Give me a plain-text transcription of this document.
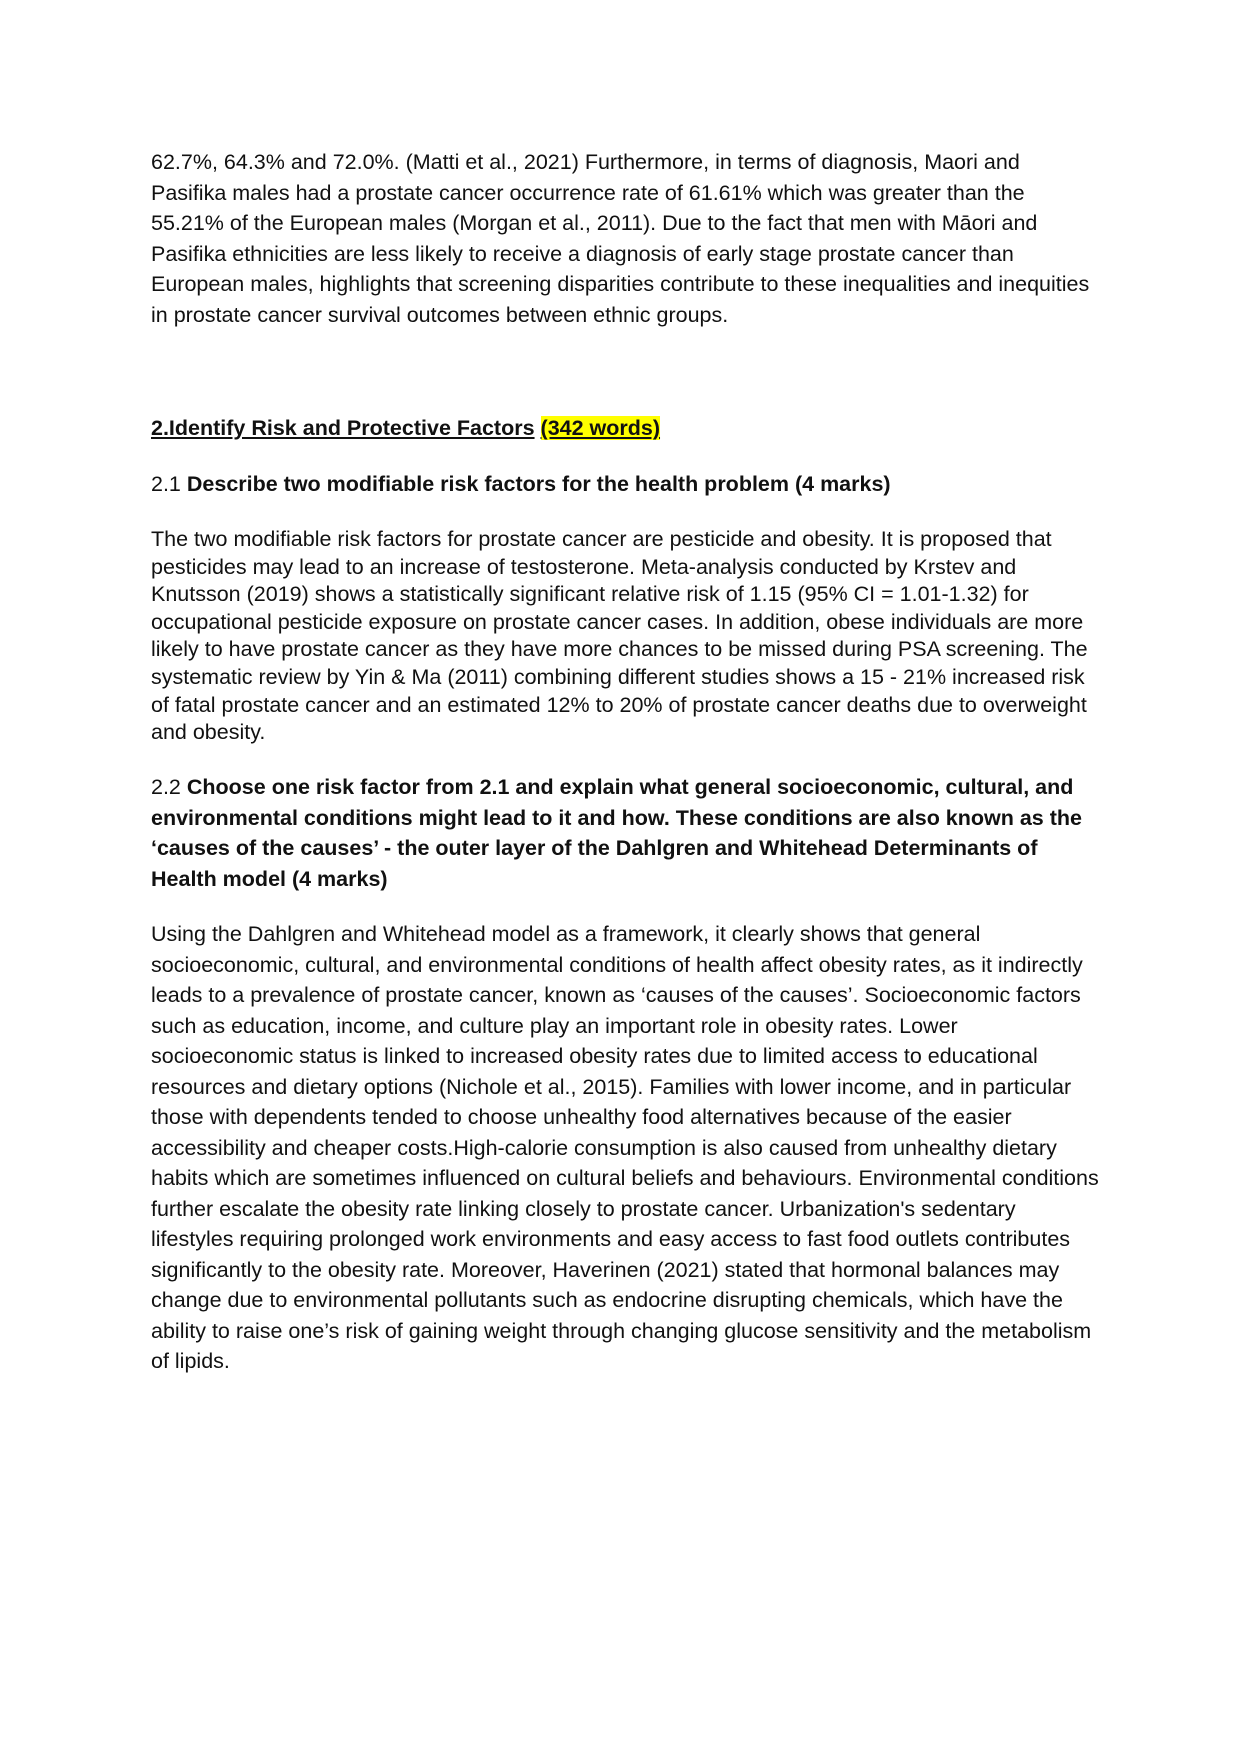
62.7%, 64.3% and 72.0%. (Matti et al., 2021) Furthermore, in terms of diagnosis, Maori and Pasifika males had a prostate cancer occurrence rate of 61.61% which was greater than the 55.21% of the European males (Morgan et al., 2011). Due to the fact that men with Māori and Pasifika ethnicities are less likely to receive a diagnosis of early stage prostate cancer than European males, highlights that screening disparities contribute to these inequalities and inequities in prostate cancer survival outcomes between ethnic groups.

2.Identify Risk and Protective Factors (342 words)

2.1 Describe two modifiable risk factors for the health problem (4 marks)

The two modifiable risk factors for prostate cancer are pesticide and obesity. It is proposed that pesticides may lead to an increase of testosterone. Meta-analysis conducted by Krstev and Knutsson (2019) shows a statistically significant relative risk of 1.15 (95% CI = 1.01-1.32) for occupational pesticide exposure on prostate cancer cases. In addition, obese individuals are more likely to have prostate cancer as they have more chances to be missed during PSA screening. The systematic review by Yin & Ma (2011) combining different studies shows a 15 - 21% increased risk of fatal prostate cancer and an estimated 12% to 20% of prostate cancer deaths due to overweight and obesity.

2.2 Choose one risk factor from 2.1 and explain what general socioeconomic, cultural, and environmental conditions might lead to it and how. These conditions are also known as the ‘causes of the causes’ - the outer layer of the Dahlgren and Whitehead Determinants of Health model (4 marks)

Using the Dahlgren and Whitehead model as a framework, it clearly shows that general socioeconomic, cultural, and environmental conditions of health affect obesity rates, as it indirectly leads to a prevalence of prostate cancer, known as ‘causes of the causes’. Socioeconomic factors such as education, income, and culture play an important role in obesity rates. Lower socioeconomic status is linked to increased obesity rates due to limited access to educational resources and dietary options (Nichole et al., 2015). Families with lower income, and in particular those with dependents tended to choose unhealthy food alternatives because of the easier accessibility and cheaper costs.High-calorie consumption is also caused from unhealthy dietary habits which are sometimes influenced on cultural beliefs and behaviours. Environmental conditions further escalate the obesity rate linking closely to prostate cancer. Urbanization's sedentary lifestyles requiring prolonged work environments and easy access to fast food outlets contributes significantly to the obesity rate. Moreover, Haverinen (2021) stated that hormonal balances may change due to environmental pollutants such as endocrine disrupting chemicals, which have the ability to raise one’s risk of gaining weight through changing glucose sensitivity and the metabolism of lipids.
